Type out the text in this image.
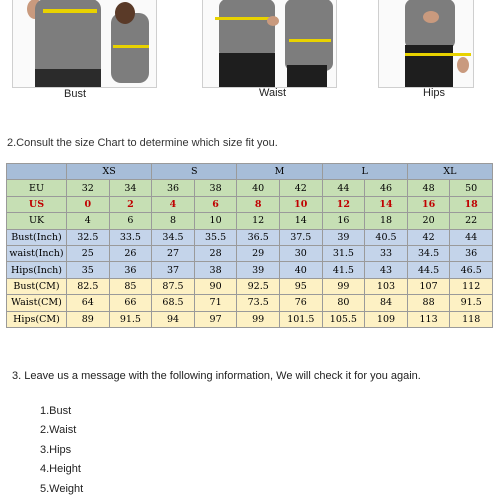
Bust	Waist	Hips
2.Consult the size Chart to determine which size fit you.
	XS		S		M		L		XL	
EU	32	34	36	38	40	42	44	46	48	50
US	0	2	4	6	8	10	12	14	16	18
UK	4	6	8	10	12	14	16	18	20	22
Bust(Inch)	32.5	33.5	34.5	35.5	36.5	37.5	39	40.5	42	44
waist(Inch)	25	26	27	28	29	30	31.5	33	34.5	36
Hips(Inch)	35	36	37	38	39	40	41.5	43	44.5	46.5
Bust(CM)	82.5	85	87.5	90	92.5	95	99	103	107	112
Waist(CM)	64	66	68.5	71	73.5	76	80	84	88	91.5
Hips(CM)	89	91.5	94	97	99	101.5	105.5	109	113	118
3. Leave us a message with the following information, We will check it for you again.
1.Bust
2.Waist
3.Hips
4.Height
5.Weight
